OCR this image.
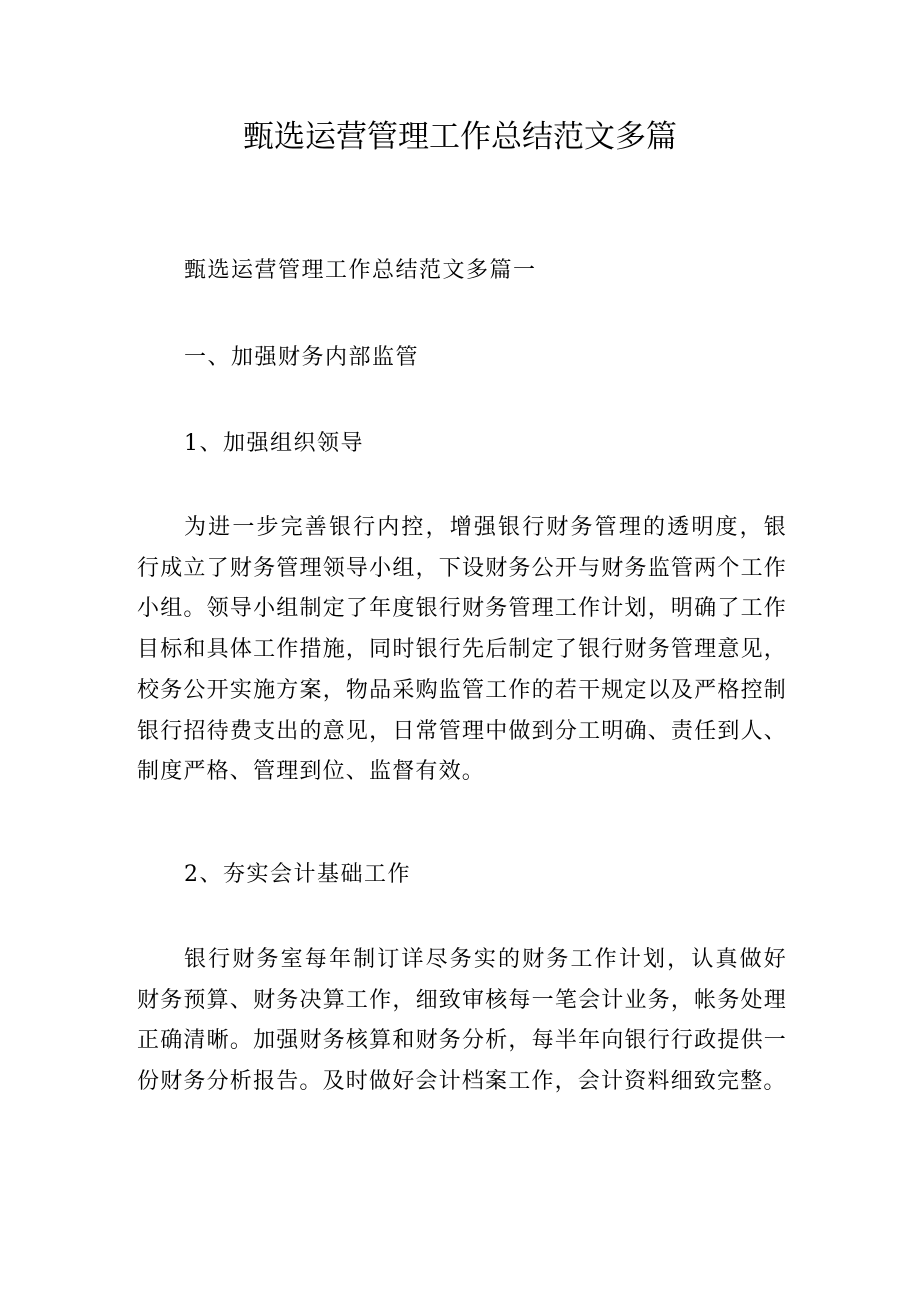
甄选运营管理工作总结范文多篇

甄选运营管理工作总结范文多篇一

一、加强财务内部监管

1、加强组织领导

为进一步完善银行内控，增强银行财务管理的透明度，银行成立了财务管理领导小组，下设财务公开与财务监管两个工作小组。领导小组制定了年度银行财务管理工作计划，明确了工作目标和具体工作措施，同时银行先后制定了银行财务管理意见，校务公开实施方案，物品采购监管工作的若干规定以及严格控制银行招待费支出的意见，日常管理中做到分工明确、责任到人、制度严格、管理到位、监督有效。

2、夯实会计基础工作

银行财务室每年制订详尽务实的财务工作计划，认真做好财务预算、财务决算工作，细致审核每一笔会计业务，帐务处理正确清晰。加强财务核算和财务分析，每半年向银行行政提供一份财务分析报告。及时做好会计档案工作，会计资料细致完整。
